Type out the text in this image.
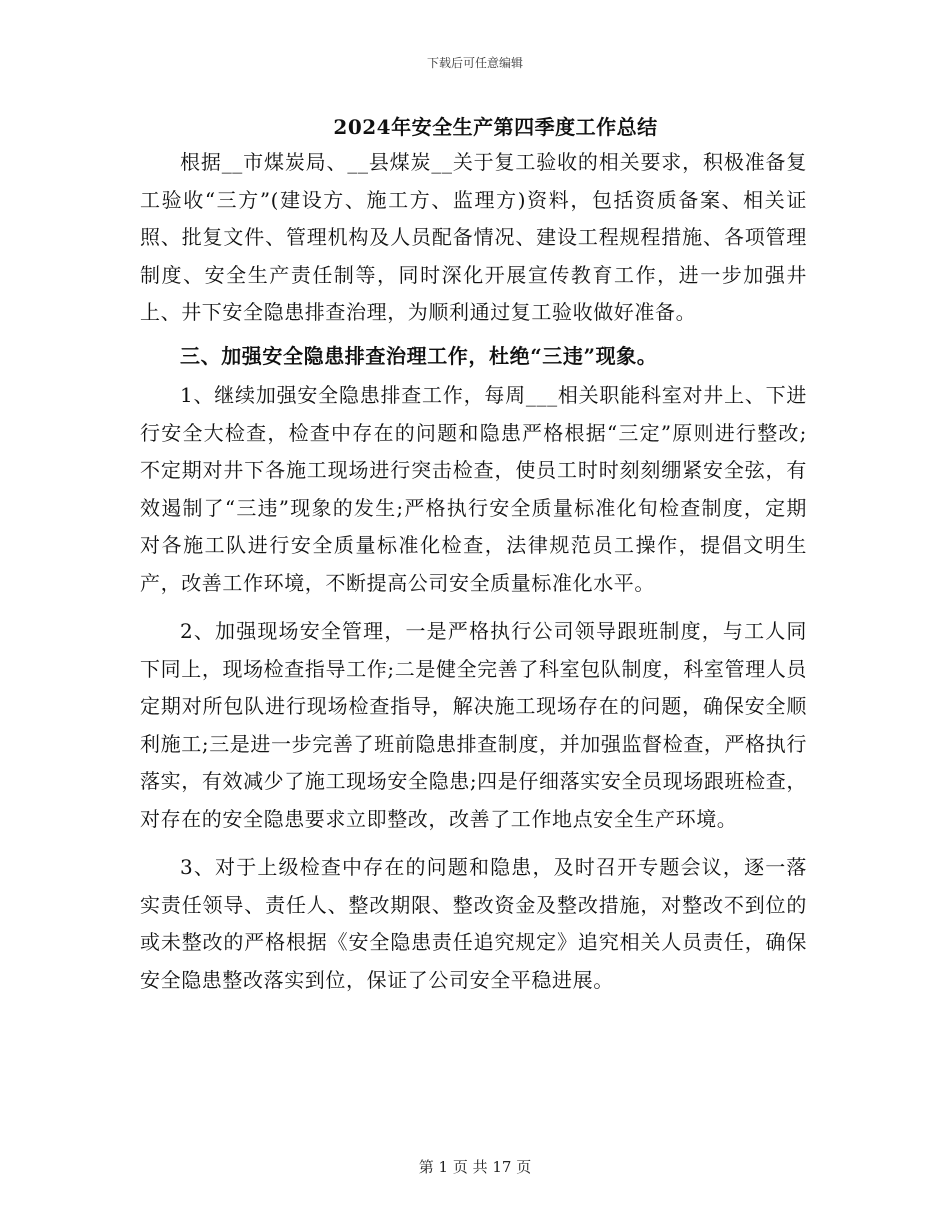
下载后可任意编辑
2024年安全生产第四季度工作总结

根据__市煤炭局、__县煤炭__关于复工验收的相关要求，积极准备复工验收“三方”(建设方、施工方、监理方)资料，包括资质备案、相关证照、批复文件、管理机构及人员配备情况、建设工程规程措施、各项管理制度、安全生产责任制等，同时深化开展宣传教育工作，进一步加强井上、井下安全隐患排查治理，为顺利通过复工验收做好准备。

三、加强安全隐患排查治理工作，杜绝“三违”现象。

1、继续加强安全隐患排查工作，每周___相关职能科室对井上、下进行安全大检查，检查中存在的问题和隐患严格根据“三定”原则进行整改;不定期对井下各施工现场进行突击检查，使员工时时刻刻绷紧安全弦，有效遏制了“三违”现象的发生;严格执行安全质量标准化旬检查制度，定期对各施工队进行安全质量标准化检查，法律规范员工操作，提倡文明生产，改善工作环境，不断提高公司安全质量标准化水平。

2、加强现场安全管理，一是严格执行公司领导跟班制度，与工人同下同上，现场检查指导工作;二是健全完善了科室包队制度，科室管理人员定期对所包队进行现场检查指导，解决施工现场存在的问题，确保安全顺利施工;三是进一步完善了班前隐患排查制度，并加强监督检查，严格执行落实，有效减少了施工现场安全隐患;四是仔细落实安全员现场跟班检查，对存在的安全隐患要求立即整改，改善了工作地点安全生产环境。

3、对于上级检查中存在的问题和隐患，及时召开专题会议，逐一落实责任领导、责任人、整改期限、整改资金及整改措施，对整改不到位的或未整改的严格根据《安全隐患责任追究规定》追究相关人员责任，确保安全隐患整改落实到位，保证了公司安全平稳进展。

第 1 页 共 17 页
